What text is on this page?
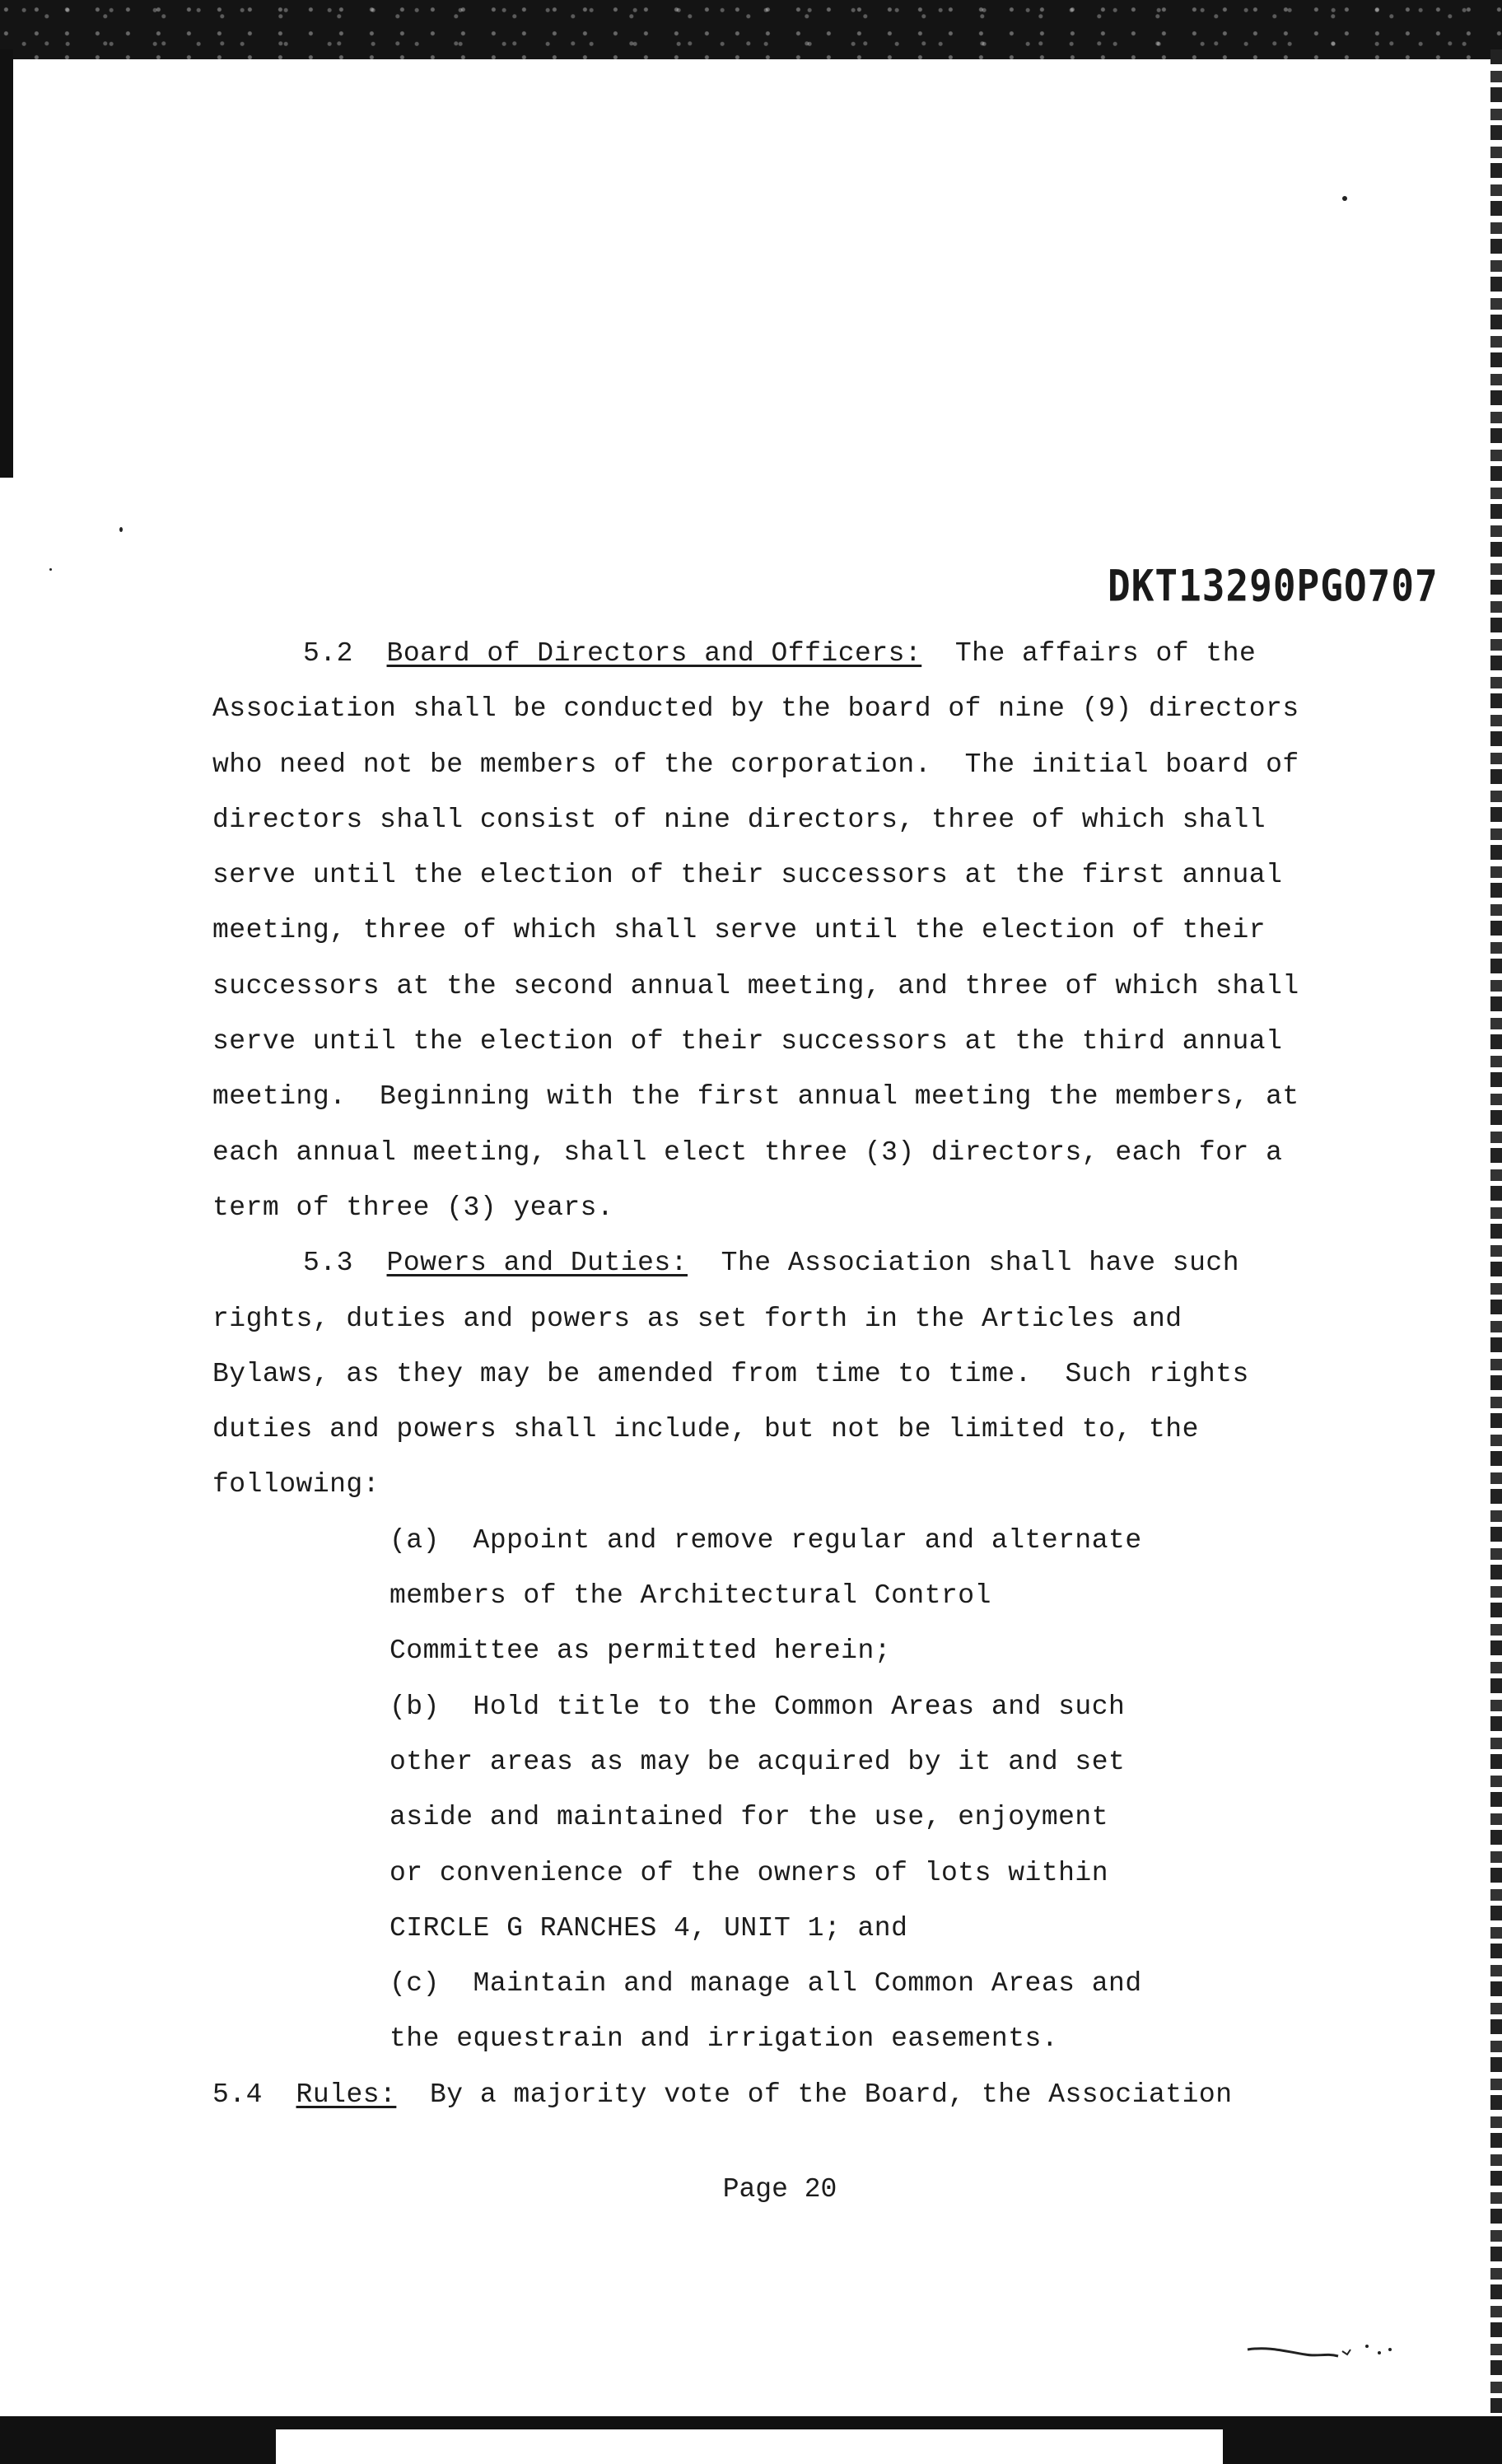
DKT13290PGO707
5.2 Board of Directors and Officers: The affairs of the
Association shall be conducted by the board of nine (9) directors
who need not be members of the corporation.  The initial board of
directors shall consist of nine directors, three of which shall
serve until the election of their successors at the first annual
meeting, three of which shall serve until the election of their
successors at the second annual meeting, and three of which shall
serve until the election of their successors at the third annual
meeting.  Beginning with the first annual meeting the members, at
each annual meeting, shall elect three (3) directors, each for a
term of three (3) years.
5.3 Powers and Duties: The Association shall have such
rights, duties and powers as set forth in the Articles and
Bylaws, as they may be amended from time to time.  Such rights
duties and powers shall include, but not be limited to, the
following:
(a)  Appoint and remove regular and alternate
members of the Architectural Control
Committee as permitted herein;
(b)  Hold title to the Common Areas and such
other areas as may be acquired by it and set
aside and maintained for the use, enjoyment
or convenience of the owners of lots within
CIRCLE G RANCHES 4, UNIT 1; and
(c)  Maintain and manage all Common Areas and
the equestrain and irrigation easements.
5.4 Rules: By a majority vote of the Board, the Association
Page 20
